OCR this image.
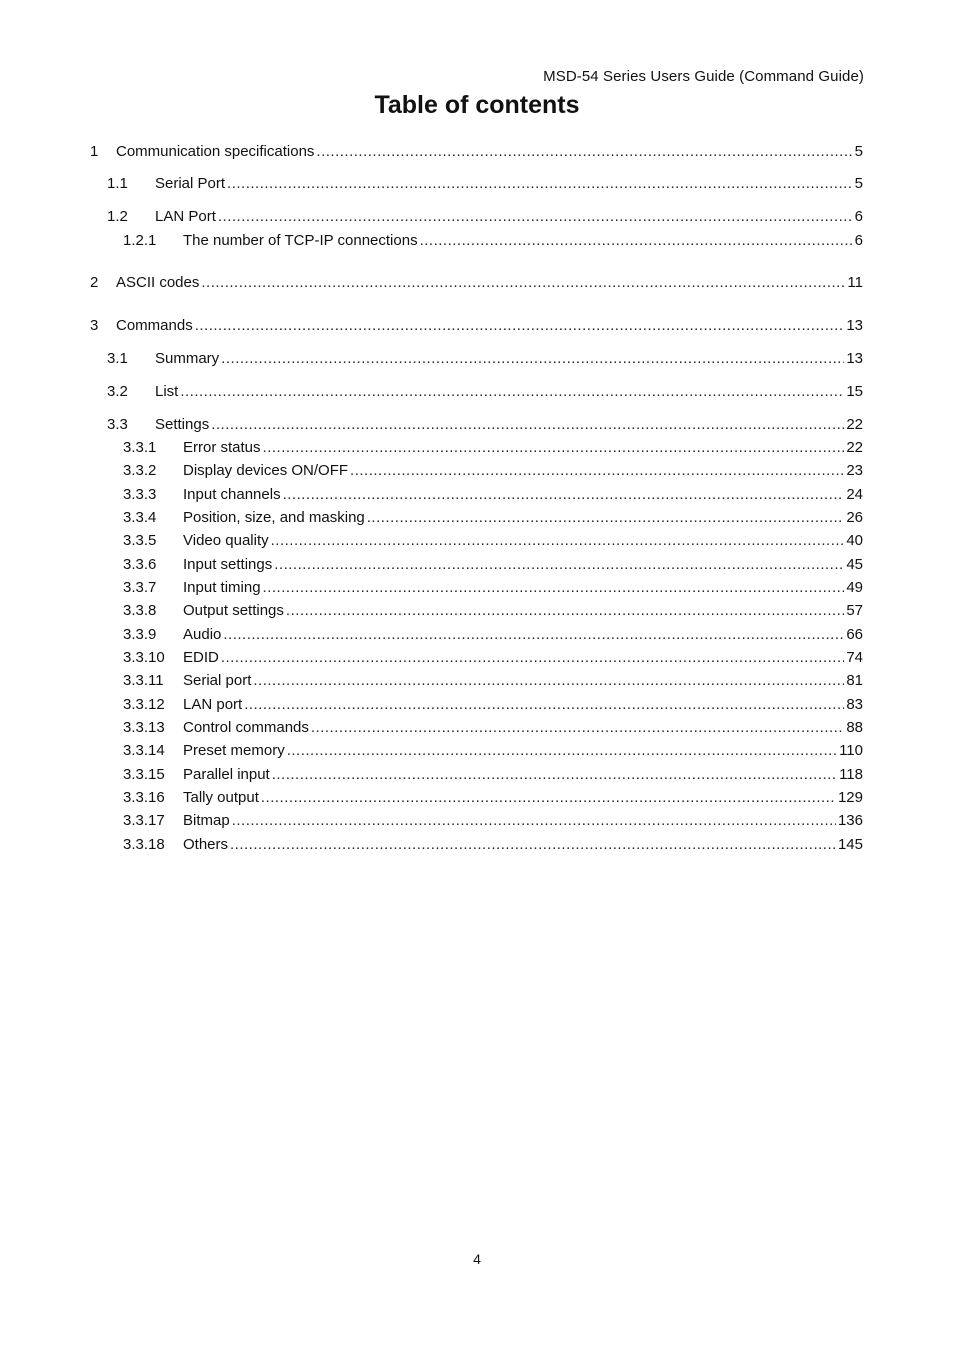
MSD-54 Series Users Guide (Command Guide)
Table of contents
1 Communication specifications .....	5
1.1 Serial Port .....	5
1.2 LAN Port .....	6
1.2.1 The number of TCP-IP connections .....	6
2 ASCII codes .....	11
3 Commands .....	13
3.1 Summary .....	13
3.2 List .....	15
3.3 Settings .....	22
3.3.1 Error status .....	22
3.3.2 Display devices ON/OFF .....	23
3.3.3 Input channels .....	24
3.3.4 Position, size, and masking .....	26
3.3.5 Video quality .....	40
3.3.6 Input settings .....	45
3.3.7 Input timing .....	49
3.3.8 Output settings .....	57
3.3.9 Audio .....	66
3.3.10 EDID .....	74
3.3.11 Serial port .....	81
3.3.12 LAN port .....	83
3.3.13 Control commands .....	88
3.3.14 Preset memory .....	110
3.3.15 Parallel input .....	118
3.3.16 Tally output .....	129
3.3.17 Bitmap .....	136
3.3.18 Others .....	145
4
